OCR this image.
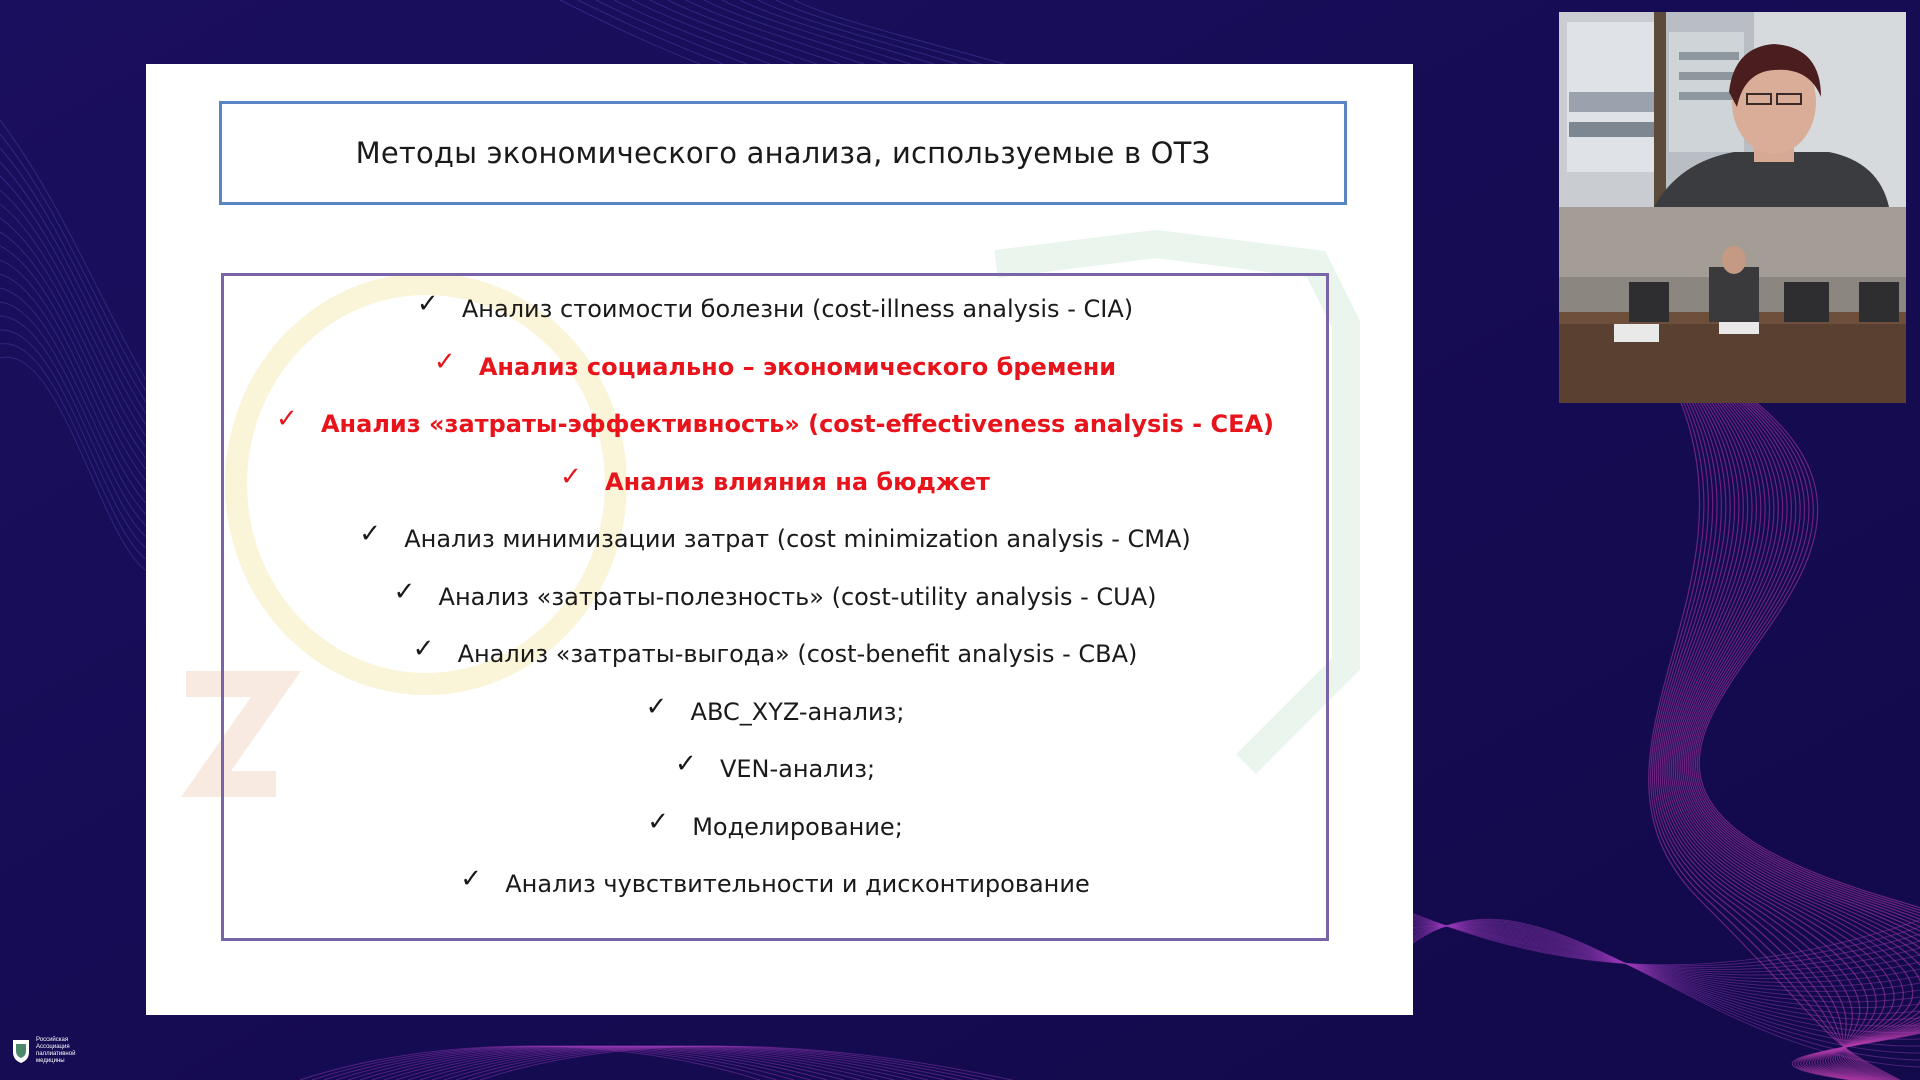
Методы экономического анализа, используемые в ОТЗ
✓ Анализ стоимости болезни (cost-illness analysis - CIA)
✓ Анализ социально – экономического бремени
✓ Анализ «затраты-эффективность» (cost-effectiveness analysis - CEA)
✓ Анализ влияния на бюджет
✓ Анализ минимизации затрат (cost minimization analysis - CMA)
✓ Анализ «затраты-полезность» (cost-utility analysis - CUA)
✓ Анализ «затраты-выгода» (cost-benefit analysis - CBA)
✓ ABC_XYZ-анализ;
✓ VEN-анализ;
✓ Моделирование;
✓ Анализ чувствительности и дисконтирование
Российская
Ассоциация
паллиативной
медицины
